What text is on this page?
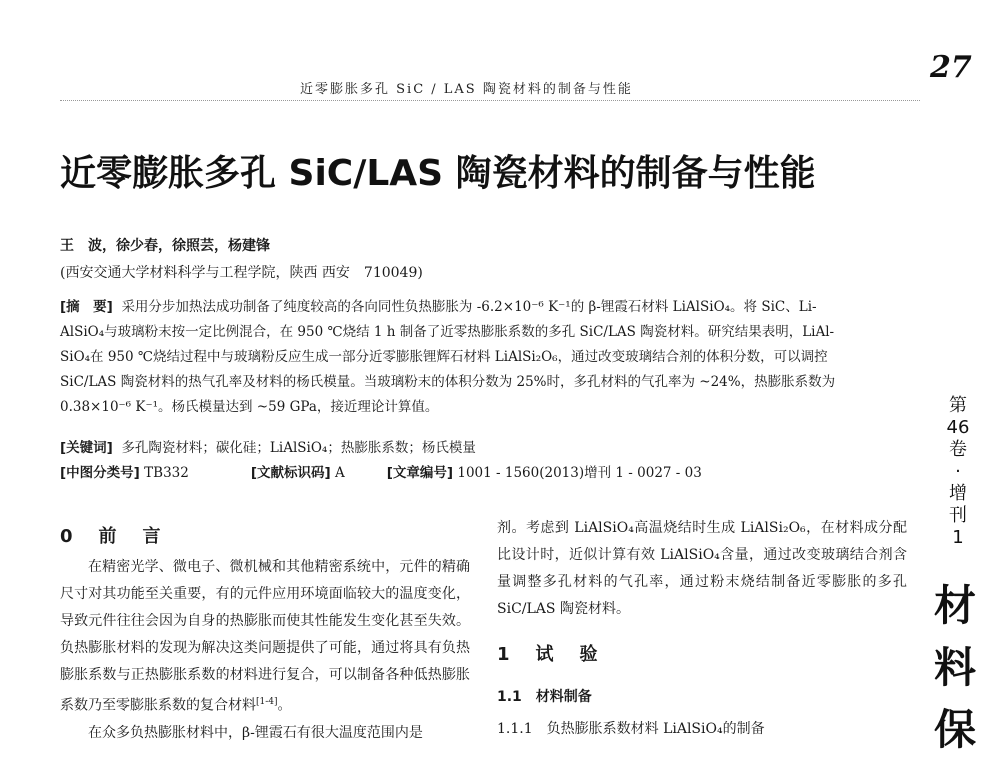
近零膨胀多孔 SiC / LAS 陶瓷材料的制备与性能
27
近零膨胀多孔 SiC/LAS 陶瓷材料的制备与性能
王　波，徐少春，徐照芸，杨建锋
(西安交通大学材料科学与工程学院，陕西 西安　710049)

[摘　要] 采用分步加热法成功制备了纯度较高的各向同性负热膨胀为 -6.2×10⁻⁶ K⁻¹的 β-锂霞石材料 LiAlSiO₄。将 SiC、Li-

AlSiO₄与玻璃粉末按一定比例混合，在 950 ℃烧结 1 h 制备了近零热膨胀系数的多孔 SiC/LAS 陶瓷材料。研究结果表明，LiAl-

SiO₄在 950 ℃烧结过程中与玻璃粉反应生成一部分近零膨胀锂辉石材料 LiAlSi₂O₆，通过改变玻璃结合剂的体积分数，可以调控

SiC/LAS 陶瓷材料的热气孔率及材料的杨氏模量。当玻璃粉末的体积分数为 25%时，多孔材料的气孔率为 ~24%，热膨胀系数为

0.38×10⁻⁶ K⁻¹。杨氏模量达到 ~59 GPa，接近理论计算值。

[关键词] 多孔陶瓷材料；碳化硅；LiAlSiO₄；热膨胀系数；杨氏模量
[中图分类号] TB332	[文献标识码] A	[文章编号] 1001 - 1560(2013)增刊 1 - 0027 - 03
0　前　言

在精密光学、微电子、微机械和其他精密系统中，元件的精确尺寸对其功能至关重要，有的元件应用环境面临较大的温度变化，导致元件往往会因为自身的热膨胀而使其性能发生变化甚至失效。负热膨胀材料的发现为解决这类问题提供了可能，通过将具有负热膨胀系数与正热膨胀系数的材料进行复合，可以制备各种低热膨胀系数乃至零膨胀系数的复合材料[1-4]。

在众多负热膨胀材料中，β-锂霞石有很大温度范围内是

剂。考虑到 LiAlSiO₄高温烧结时生成 LiAlSi₂O₆，在材料成分配比设计时，近似计算有效 LiAlSiO₄含量，通过改变玻璃结合剂含量调整多孔材料的气孔率，通过粉末烧结制备近零膨胀的多孔 SiC/LAS 陶瓷材料。

1　试　验
1.1　材料制备
1.1.1　负热膨胀系数材料 LiAlSiO₄的制备
第
46
卷
·
增
刊
1
材
料
保
